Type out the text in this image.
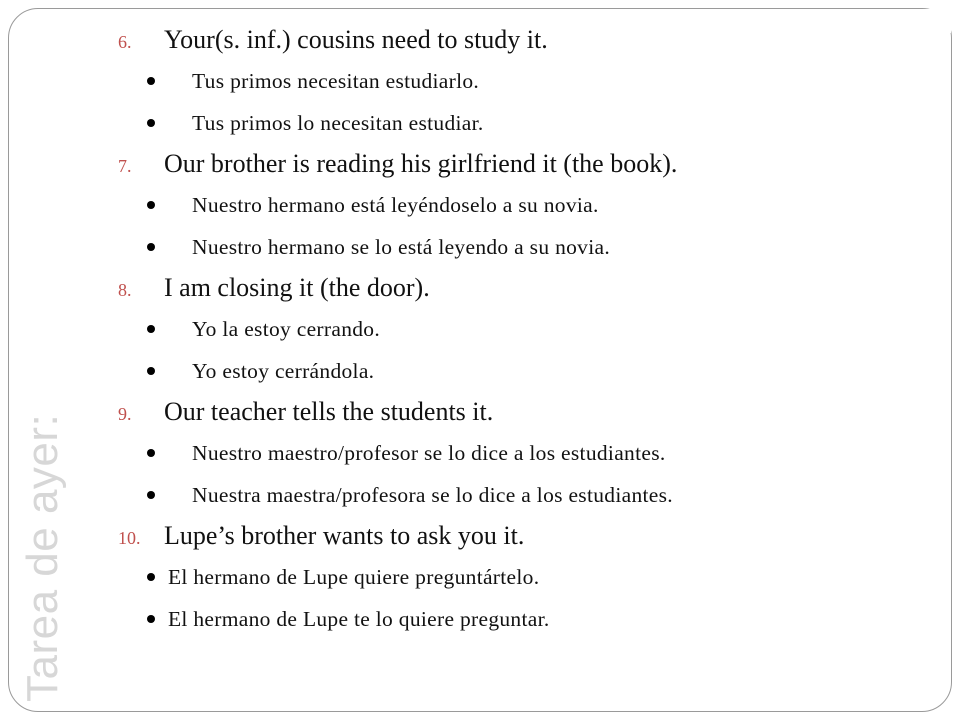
Tarea de ayer:
6.	Your(s. inf.) cousins need to study it.
Tus primos necesitan estudiarlo.
Tus primos lo necesitan estudiar.
7.	Our brother is reading his girlfriend it (the book).
Nuestro hermano está leyéndoselo a su novia.
Nuestro hermano se lo está leyendo a su novia.
8.	I am closing it (the door).
Yo la estoy cerrando.
Yo estoy cerrándola.
9.	Our teacher tells the students it.
Nuestro maestro/profesor se lo dice a los estudiantes.
Nuestra maestra/profesora se lo dice a los estudiantes.
10. Lupe’s brother wants to ask you it.
El hermano de Lupe quiere preguntártelo.
El hermano de Lupe te lo quiere preguntar.
